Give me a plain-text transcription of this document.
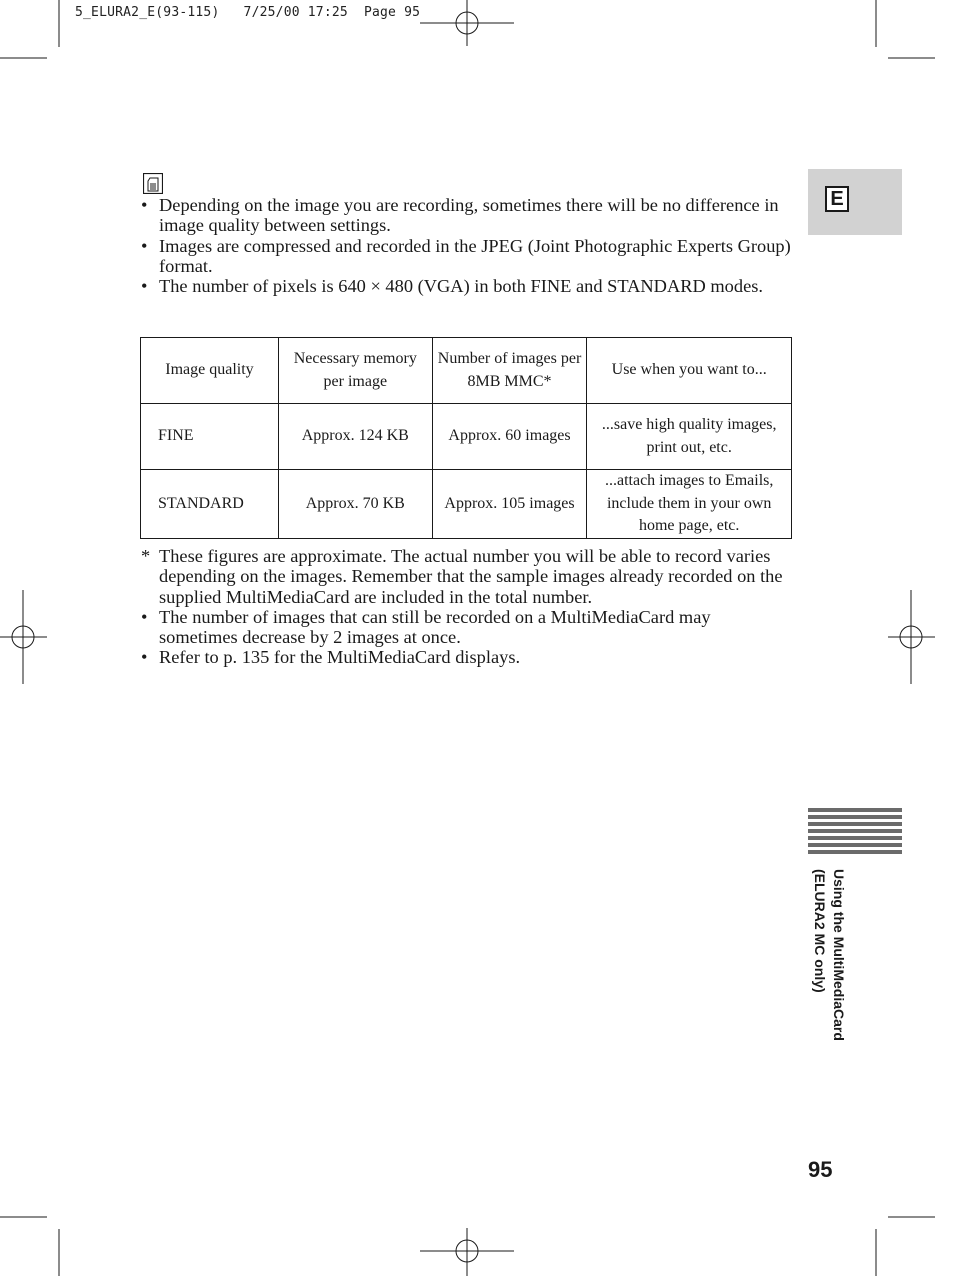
5_ELURA2_E(93-115)   7/25/00 17:25  Page 95
E
• Depending on the image you are recording, sometimes there will be no difference in image quality between settings.
• Images are compressed and recorded in the JPEG (Joint Photographic Experts Group) format.
• The number of pixels is 640 × 480 (VGA) in both FINE and STANDARD modes.
Image quality	Necessary memory per image	Number of images per 8MB MMC*	Use when you want to...
FINE	Approx. 124 KB	Approx. 60 images	...save high quality images, print out, etc.
STANDARD	Approx. 70 KB	Approx. 105 images	...attach images to Emails, include them in your own home page, etc.
* These figures are approximate. The actual number you will be able to record varies depending on the images. Remember that the sample images already recorded on the supplied MultiMediaCard are included in the total number.
• The number of images that can still be recorded on a MultiMediaCard may sometimes decrease by 2 images at once.
• Refer to p. 135 for the MultiMediaCard displays.
Using the MultiMediaCard
(ELURA2 MC only)
95
